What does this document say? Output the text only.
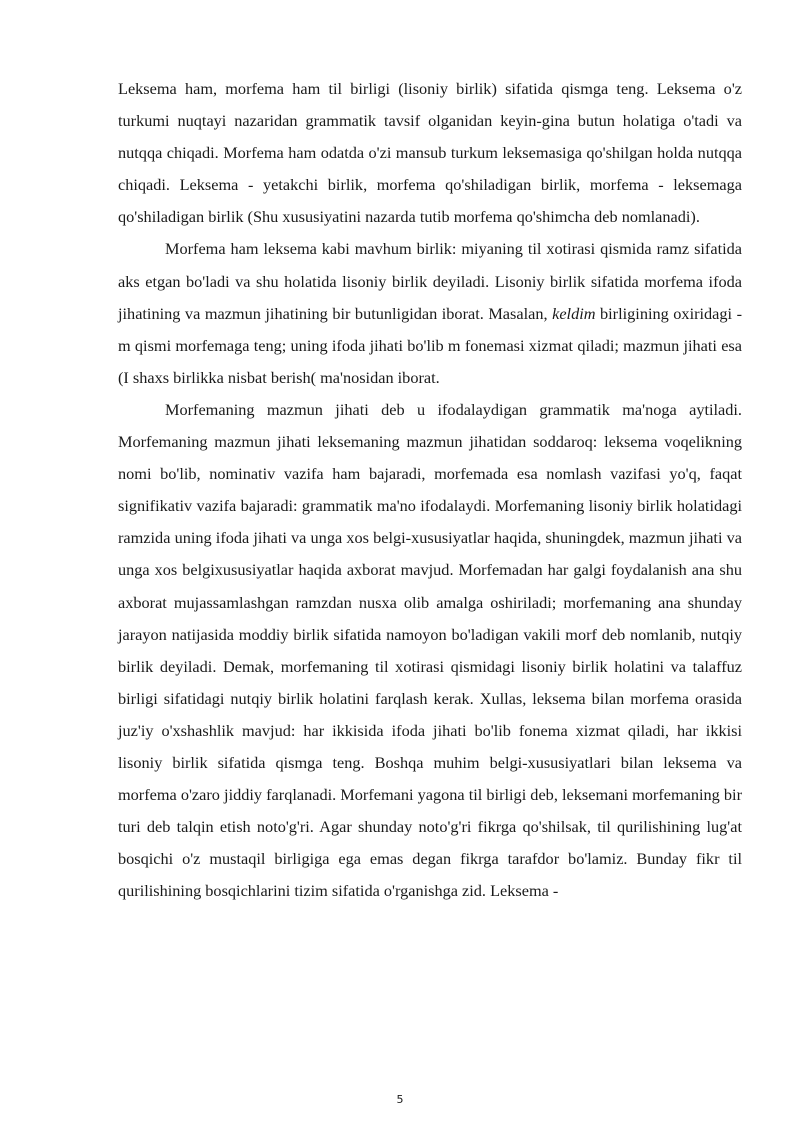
Leksema ham, morfema ham til birligi (lisoniy birlik) sifatida qismga teng. Leksema o'z turkumi nuqtayi nazaridan grammatik tavsif olganidan keyin-gina butun holatiga o'tadi va nutqqa chiqadi. Morfema ham odatda o'zi mansub turkum leksemasiga qo'shilgan holda nutqqa chiqadi. Leksema - yetakchi birlik, morfema qo'shiladigan birlik, morfema - leksemaga qo'shiladigan birlik (Shu xususiyatini nazarda tutib morfema qo'shimcha deb nomlanadi).

Morfema ham leksema kabi mavhum birlik: miyaning til xotirasi qismida ramz sifatida aks etgan bo'ladi va shu holatida lisoniy birlik deyiladi. Lisoniy birlik sifatida morfema ifoda jihatining va mazmun jihatining bir butunligidan iborat. Masalan, keldim birligining oxiridagi -m qismi morfemaga teng; uning ifoda jihati bo'lib m fonemasi xizmat qiladi; mazmun jihati esa (I shaxs birlikka nisbat berish( ma'nosidan iborat.

Morfemaning mazmun jihati deb u ifodalaydigan grammatik ma'noga aytiladi. Morfemaning mazmun jihati leksemaning mazmun jihatidan soddaroq: leksema voqelikning nomi bo'lib, nominativ vazifa ham bajaradi, morfemada esa nomlash vazifasi yo'q, faqat signifikativ vazifa bajaradi: grammatik ma'no ifodalaydi. Morfemaning lisoniy birlik holatidagi ramzida uning ifoda jihati va unga xos belgi-xususiyatlar haqida, shuningdek, mazmun jihati va unga xos belgixususiyatlar haqida axborat mavjud. Morfemadan har galgi foydalanish ana shu axborat mujassamlashgan ramzdan nusxa olib amalga oshiriladi; morfemaning ana shunday jarayon natijasida moddiy birlik sifatida namoyon bo'ladigan vakili morf deb nomlanib, nutqiy birlik deyiladi. Demak, morfemaning til xotirasi qismidagi lisoniy birlik holatini va talaffuz birligi sifatidagi nutqiy birlik holatini farqlash kerak. Xullas, leksema bilan morfema orasida juz'iy o'xshashlik mavjud: har ikkisida ifoda jihati bo'lib fonema xizmat qiladi, har ikkisi lisoniy birlik sifatida qismga teng. Boshqa muhim belgi-xususiyatlari bilan leksema va morfema o'zaro jiddiy farqlanadi. Morfemani yagona til birligi deb, leksemani morfemaning bir turi deb talqin etish noto'g'ri. Agar shunday noto'g'ri fikrga qo'shilsak, til qurilishining lug'at bosqichi o'z mustaqil birligiga ega emas degan fikrga tarafdor bo'lamiz. Bunday fikr til qurilishining bosqichlarini tizim sifatida o'rganishga zid. Leksema -

5
